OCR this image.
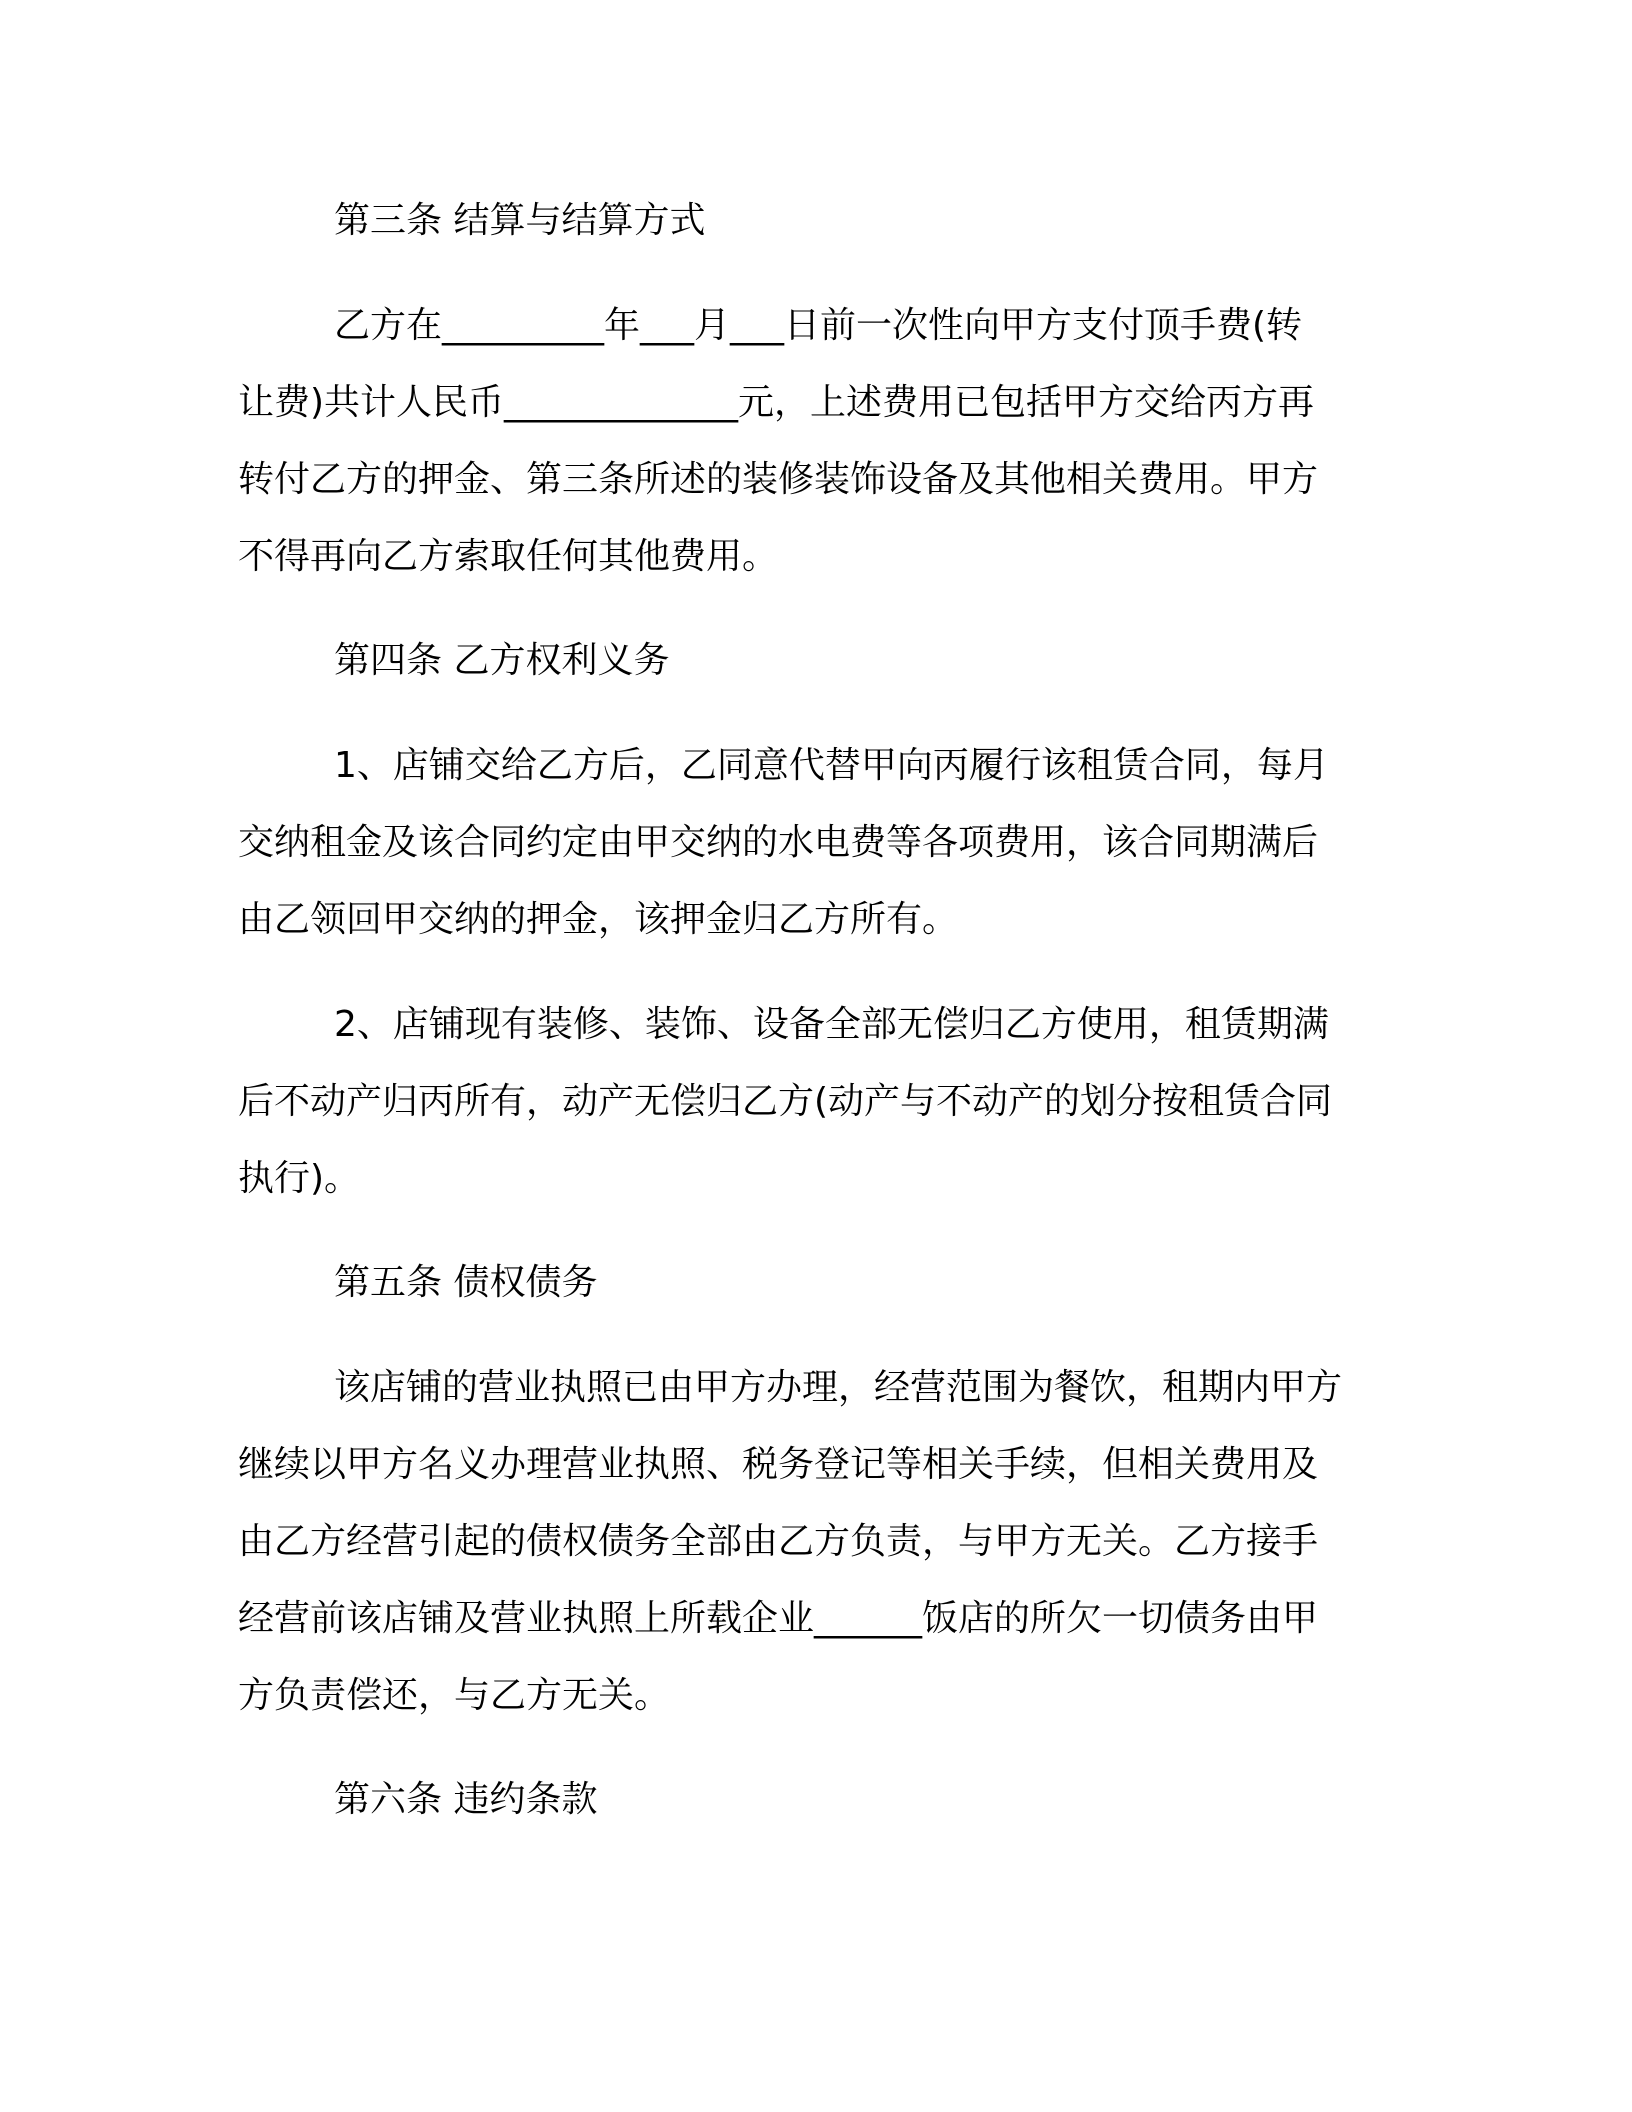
第三条 结算与结算方式
乙方在_________年___月___日前一次性向甲方支付顶手费(转
让费)共计人民币_____________元，上述费用已包括甲方交给丙方再
转付乙方的押金、第三条所述的装修装饰设备及其他相关费用。甲方
不得再向乙方索取任何其他费用。
第四条 乙方权利义务
1、店铺交给乙方后，乙同意代替甲向丙履行该租赁合同，每月
交纳租金及该合同约定由甲交纳的水电费等各项费用，该合同期满后
由乙领回甲交纳的押金，该押金归乙方所有。
2、店铺现有装修、装饰、设备全部无偿归乙方使用，租赁期满
后不动产归丙所有，动产无偿归乙方(动产与不动产的划分按租赁合同
执行)。
第五条 债权债务
该店铺的营业执照已由甲方办理，经营范围为餐饮，租期内甲方
继续以甲方名义办理营业执照、税务登记等相关手续，但相关费用及
由乙方经营引起的债权债务全部由乙方负责，与甲方无关。乙方接手
经营前该店铺及营业执照上所载企业______饭店的所欠一切债务由甲
方负责偿还，与乙方无关。
第六条 违约条款
